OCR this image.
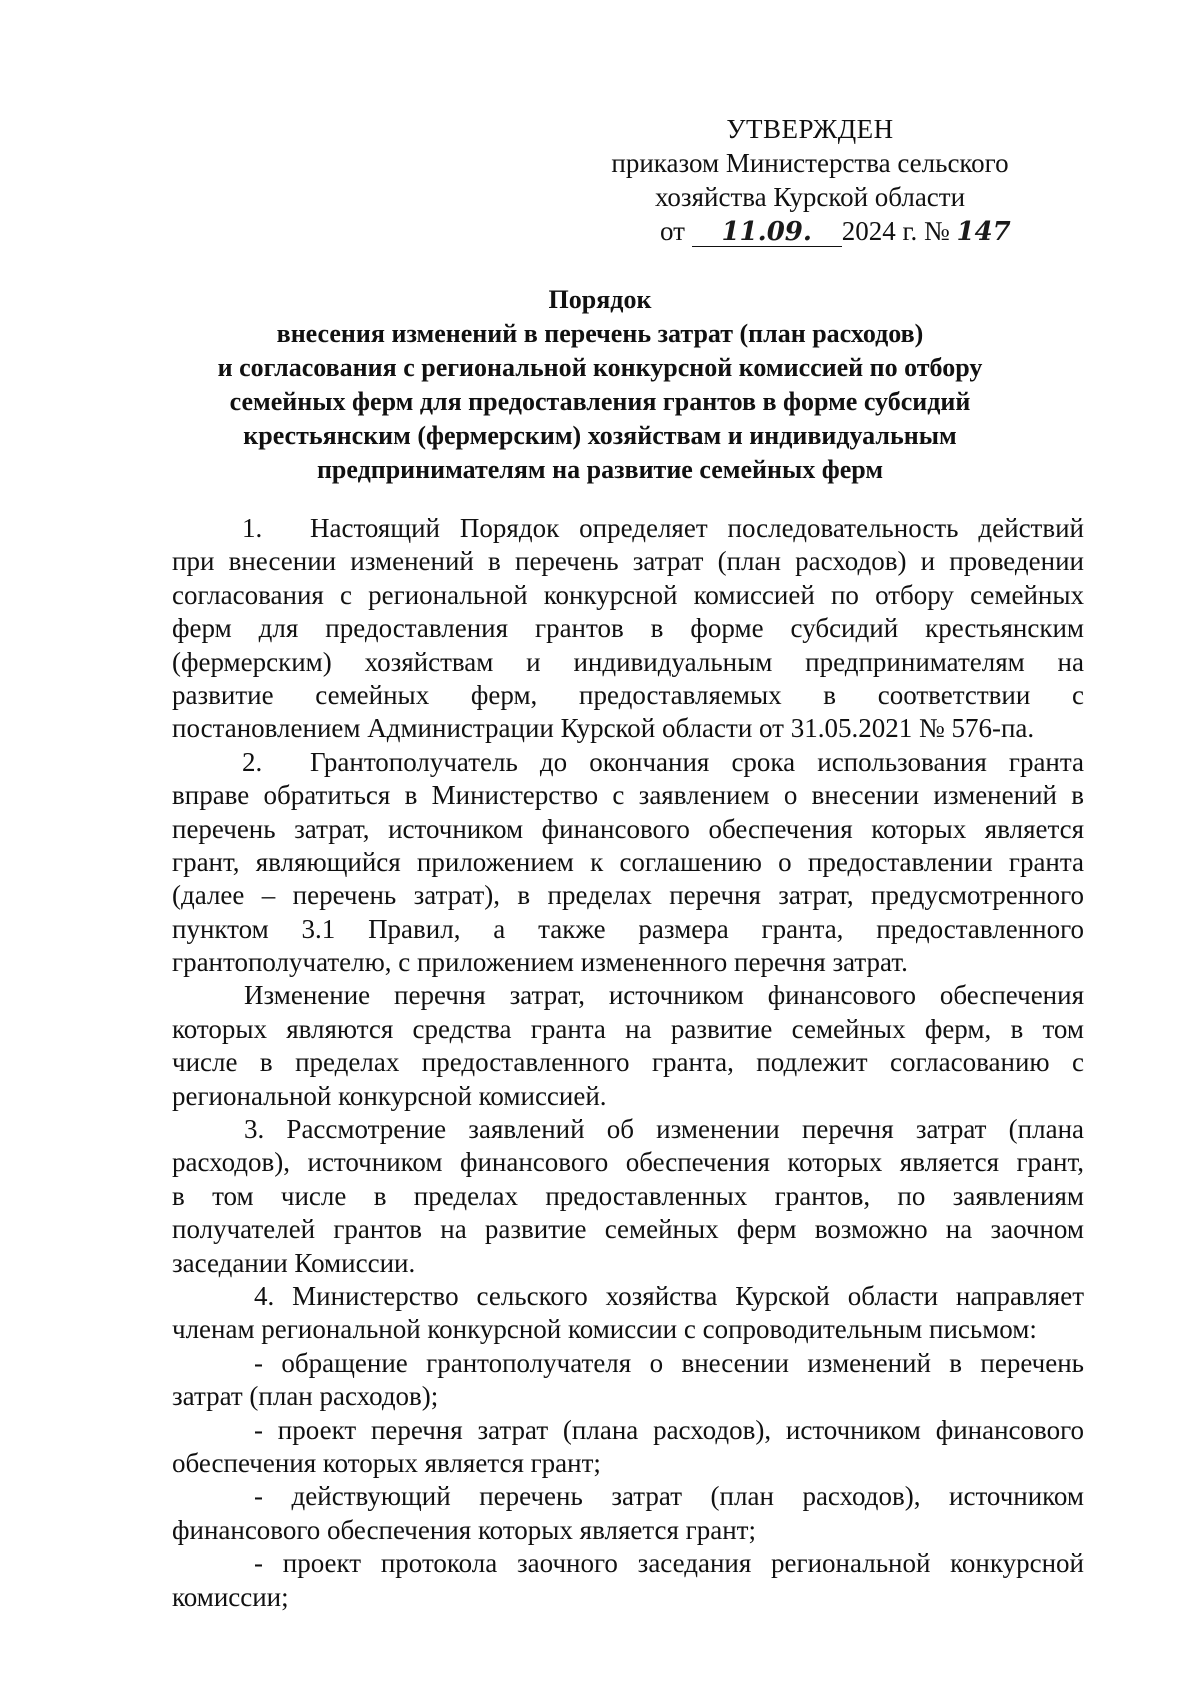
УТВЕРЖДЕН
приказом Министерства сельского
хозяйства Курской области
от 11.09. 2024 г. № 147
Порядок
внесения изменений в перечень затрат (план расходов)
и согласования с региональной конкурсной комиссией по отбору
семейных ферм для предоставления грантов в форме субсидий
крестьянским (фермерским) хозяйствам и индивидуальным
предпринимателям на развитие семейных ферм
1. Настоящий Порядок определяет последовательность действий
при внесении изменений в перечень затрат (план расходов) и проведении
согласования с региональной конкурсной комиссией по отбору семейных
ферм для предоставления грантов в форме субсидий крестьянским
(фермерским) хозяйствам и индивидуальным предпринимателям на
развитие семейных ферм, предоставляемых в соответствии с
постановлением Администрации Курской области от 31.05.2021 № 576-па.
2. Грантополучатель до окончания срока использования гранта
вправе обратиться в Министерство с заявлением о внесении изменений в
перечень затрат, источником финансового обеспечения которых является
грант, являющийся приложением к соглашению о предоставлении гранта
(далее – перечень затрат), в пределах перечня затрат, предусмотренного
пунктом 3.1 Правил, а также размера гранта, предоставленного
грантополучателю, с приложением измененного перечня затрат.
Изменение перечня затрат, источником финансового обеспечения
которых являются средства гранта на развитие семейных ферм, в том
числе в пределах предоставленного гранта, подлежит согласованию с
региональной конкурсной комиссией.
3. Рассмотрение заявлений об изменении перечня затрат (плана
расходов), источником финансового обеспечения которых является грант,
в том числе в пределах предоставленных грантов, по заявлениям
получателей грантов на развитие семейных ферм возможно на заочном
заседании Комиссии.
4. Министерство сельского хозяйства Курской области направляет
членам региональной конкурсной комиссии с сопроводительным письмом:
- обращение грантополучателя о внесении изменений в перечень
затрат (план расходов);
- проект перечня затрат (плана расходов), источником финансового
обеспечения которых является грант;
- действующий перечень затрат (план расходов), источником
финансового обеспечения которых является грант;
- проект протокола заочного заседания региональной конкурсной
комиссии;
